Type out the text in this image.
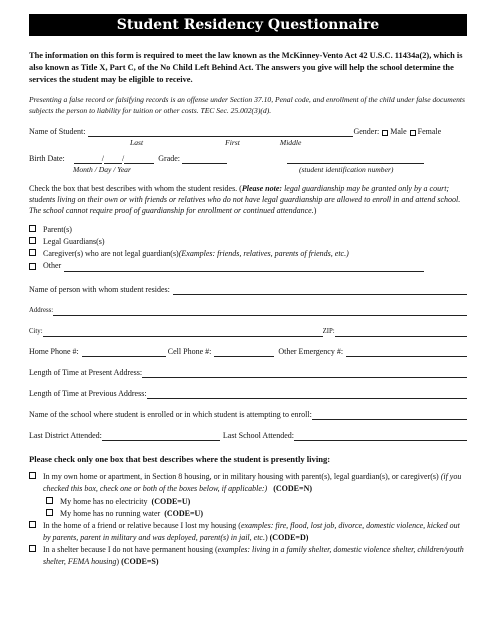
Student Residency Questionnaire

The information on this form is required to meet the law known as the McKinney-Vento Act 42 U.S.C. 11434a(2), which is also known as Title X, Part C, of the No Child Left Behind Act. The answers you give will help the school determine the services the student may be eligible to receive.

Presenting a false record or falsifying records is an offense under Section 37.10, Penal code, and enrollment of the child under false documents subjects the person to liability for tuition or other costs. TEC Sec. 25.002(3)(d).

Name of Student:	Gender: Male Female
Last	First	Middle
Birth Date:	/ /	Grade:
Month / Day / Year	(student identification number)

Check the box that best describes with whom the student resides. (Please note: legal guardianship may be granted only by a court; students living on their own or with friends or relatives who do not have legal guardianship are allowed to enroll in and attend school. The school cannot require proof of guardianship for enrollment or continued attendance.)

Parent(s)
Legal Guardians(s)
Caregiver(s) who are not legal guardian(s) (Examples: friends, relatives, parents of friends, etc.)
Other
Name of person with whom student resides:
Address:
City:	ZIP:
Home Phone #:	Cell Phone #:	Other Emergency #:
Length of Time at Present Address:
Length of Time at Previous Address:
Name of the school where student is enrolled or in which student is attempting to enroll:
Last District Attended:	Last School Attended:

Please check only one box that best describes where the student is presently living:

In my own home or apartment, in Section 8 housing, or in military housing with parent(s), legal guardian(s), or caregiver(s) (if you checked this box, check one or both of the boxes below, if applicable:) (CODE=N)
My home has no electricity
(CODE=U)
My home has no running water
(CODE=U)
In the home of a friend or relative because I lost my housing (examples: fire, flood, lost job, divorce, domestic violence, kicked out by parents, parent in military and was deployed, parent(s) in jail, etc.) (CODE=D)
In a shelter because I do not have permanent housing (examples: living in a family shelter, domestic violence shelter, children/youth shelter, FEMA housing) (CODE=S)
